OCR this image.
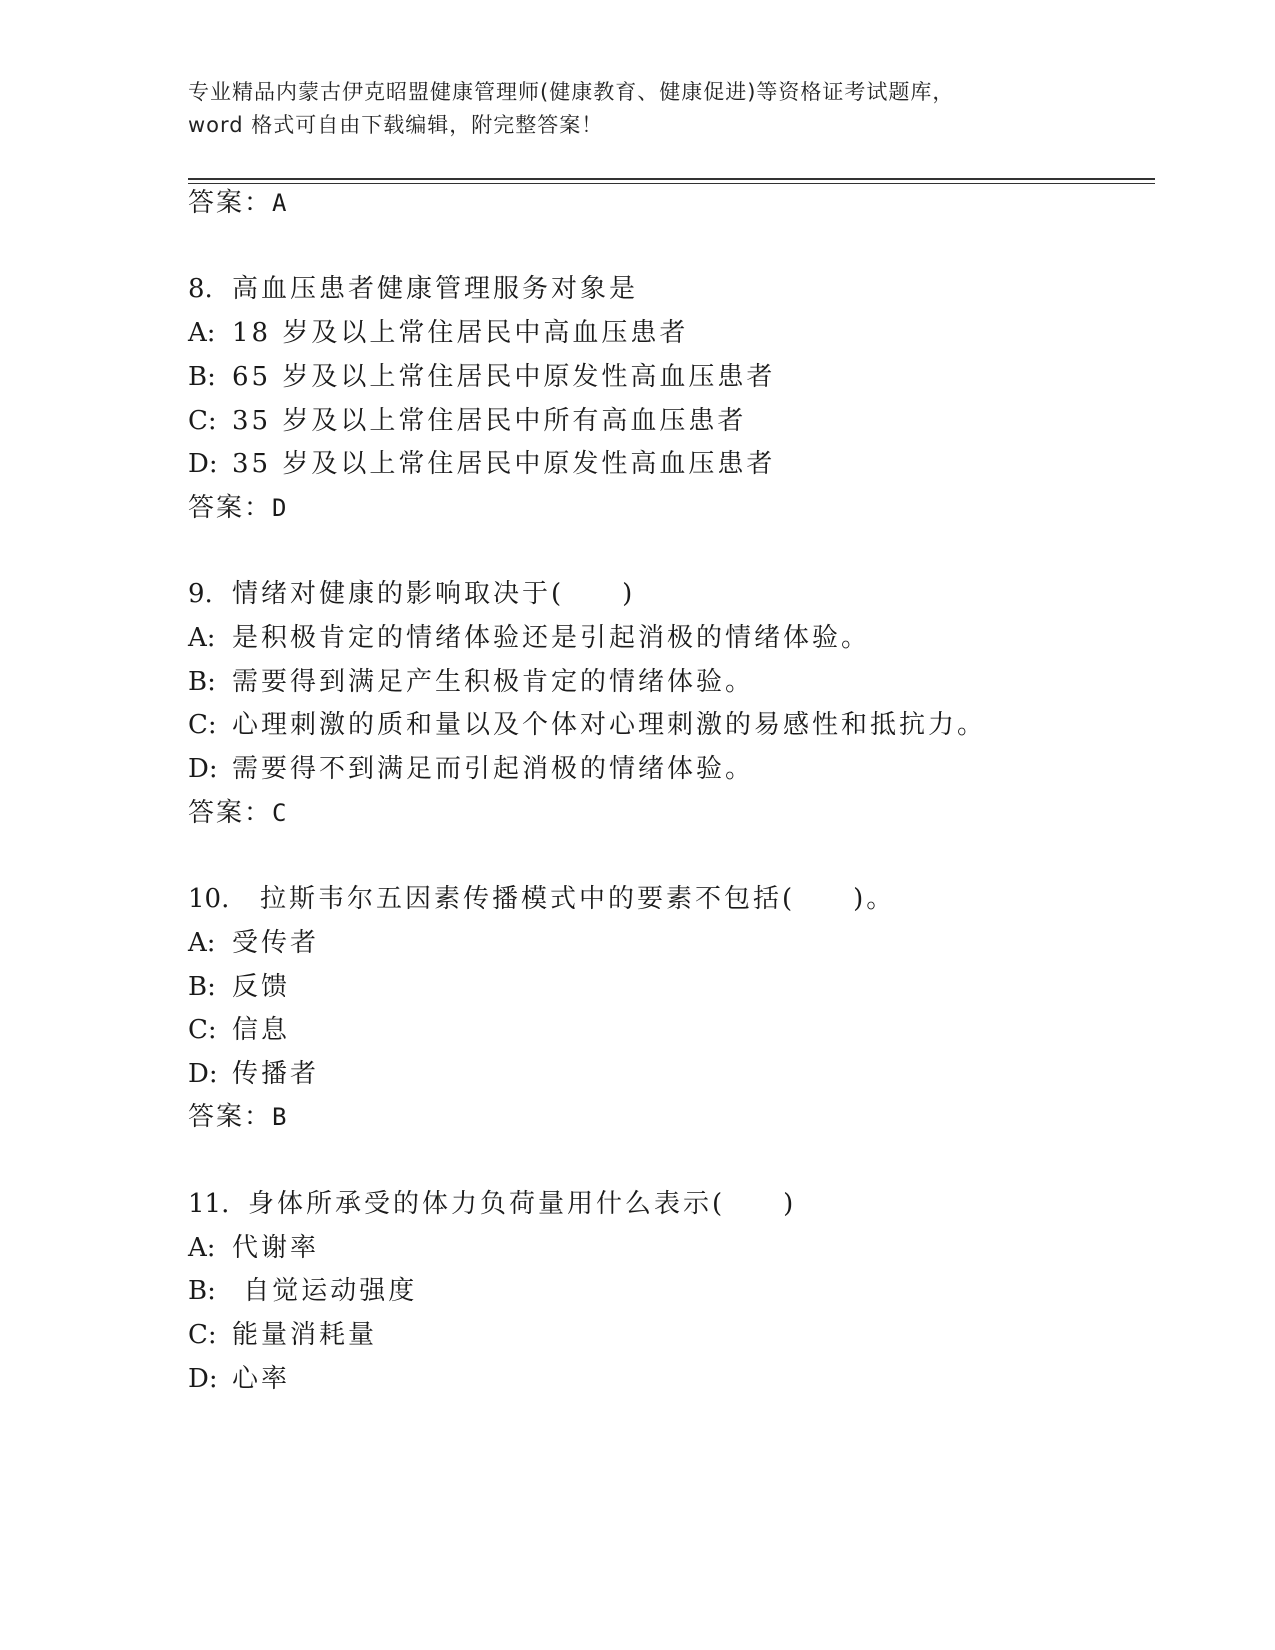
专业精品内蒙古伊克昭盟健康管理师(健康教育、健康促进)等资格证考试题库，
word 格式可自由下载编辑，附完整答案！
答案：A
8. 高血压患者健康管理服务对象是
A: 18 岁及以上常住居民中高血压患者
B: 65 岁及以上常住居民中原发性高血压患者
C: 35 岁及以上常住居民中所有高血压患者
D: 35 岁及以上常住居民中原发性高血压患者
答案：D
9. 情绪对健康的影响取决于(　　)
A: 是积极肯定的情绪体验还是引起消极的情绪体验。
B: 需要得到满足产生积极肯定的情绪体验。
C: 心理刺激的质和量以及个体对心理刺激的易感性和抵抗力。
D: 需要得不到满足而引起消极的情绪体验。
答案：C
10. 拉斯韦尔五因素传播模式中的要素不包括(　　)。
A: 受传者
B: 反馈
C: 信息
D: 传播者
答案：B
11. 身体所承受的体力负荷量用什么表示(　　)
A: 代谢率
B: 自觉运动强度
C: 能量消耗量
D: 心率
